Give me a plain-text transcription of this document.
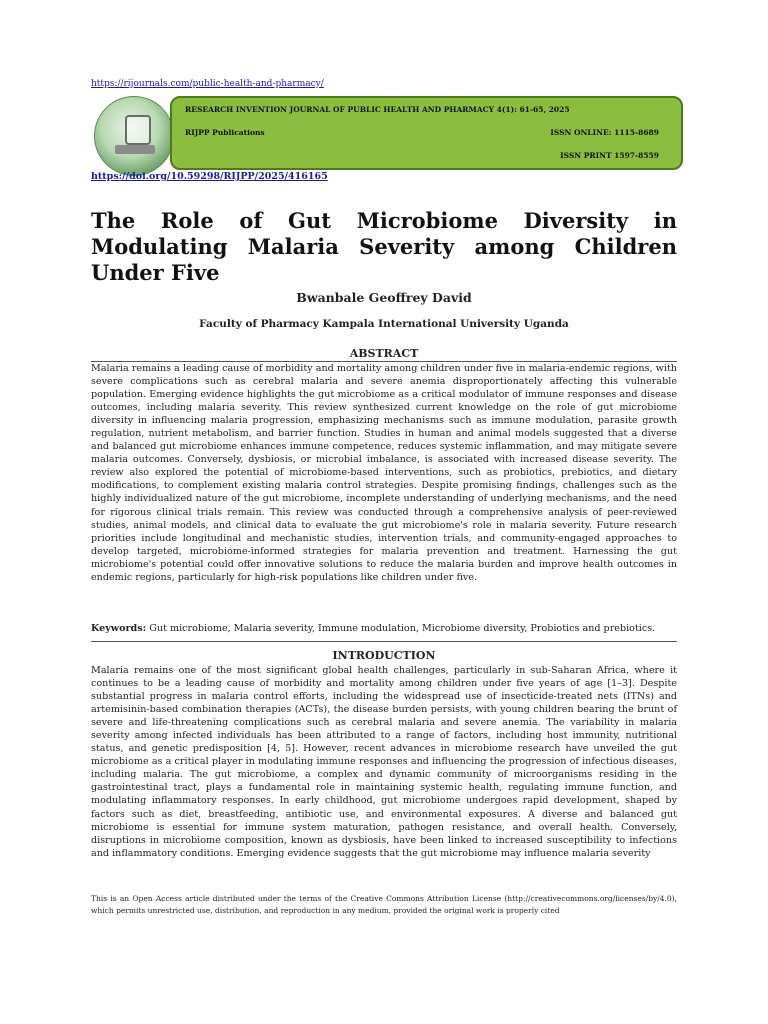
https://rijournals.com/public-health-and-pharmacy/
RESEARCH INVENTION JOURNAL OF PUBLIC HEALTH AND PHARMACY 4(1): 61-65, 2025
RIJPP Publications	ISSN ONLINE: 1115-8689
ISSN PRINT 1597-8559
https://doi.org/10.59298/RIJPP/2025/416165
The Role of Gut Microbiome Diversity in Modulating Malaria Severity among Children Under Five
Bwanbale Geoffrey David
Faculty of Pharmacy Kampala International University Uganda
ABSTRACT

Malaria remains a leading cause of morbidity and mortality among children under five in malaria-endemic regions, with severe complications such as cerebral malaria and severe anemia disproportionately affecting this vulnerable population. Emerging evidence highlights the gut microbiome as a critical modulator of immune responses and disease outcomes, including malaria severity. This review synthesized current knowledge on the role of gut microbiome diversity in influencing malaria progression, emphasizing mechanisms such as immune modulation, parasite growth regulation, nutrient metabolism, and barrier function. Studies in human and animal models suggested that a diverse and balanced gut microbiome enhances immune competence, reduces systemic inflammation, and may mitigate severe malaria outcomes. Conversely, dysbiosis, or microbial imbalance, is associated with increased disease severity. The review also explored the potential of microbiome-based interventions, such as probiotics, prebiotics, and dietary modifications, to complement existing malaria control strategies. Despite promising findings, challenges such as the highly individualized nature of the gut microbiome, incomplete understanding of underlying mechanisms, and the need for rigorous clinical trials remain. This review was conducted through a comprehensive analysis of peer-reviewed studies, animal models, and clinical data to evaluate the gut microbiome's role in malaria severity. Future research priorities include longitudinal and mechanistic studies, intervention trials, and community-engaged approaches to develop targeted, microbiome-informed strategies for malaria prevention and treatment. Harnessing the gut microbiome's potential could offer innovative solutions to reduce the malaria burden and improve health outcomes in endemic regions, particularly for high-risk populations like children under five.

Keywords: Gut microbiome, Malaria severity, Immune modulation, Microbiome diversity, Probiotics and prebiotics.

INTRODUCTION

Malaria remains one of the most significant global health challenges, particularly in sub-Saharan Africa, where it continues to be a leading cause of morbidity and mortality among children under five years of age [1–3]. Despite substantial progress in malaria control efforts, including the widespread use of insecticide-treated nets (ITNs) and artemisinin-based combination therapies (ACTs), the disease burden persists, with young children bearing the brunt of severe and life-threatening complications such as cerebral malaria and severe anemia. The variability in malaria severity among infected individuals has been attributed to a range of factors, including host immunity, nutritional status, and genetic predisposition [4, 5]. However, recent advances in microbiome research have unveiled the gut microbiome as a critical player in modulating immune responses and influencing the progression of infectious diseases, including malaria. The gut microbiome, a complex and dynamic community of microorganisms residing in the gastrointestinal tract, plays a fundamental role in maintaining systemic health, regulating immune function, and modulating inflammatory responses. In early childhood, gut microbiome undergoes rapid development, shaped by factors such as diet, breastfeeding, antibiotic use, and environmental exposures. A diverse and balanced gut microbiome is essential for immune system maturation, pathogen resistance, and overall health. Conversely, disruptions in microbiome composition, known as dysbiosis, have been linked to increased susceptibility to infections and inflammatory conditions. Emerging evidence suggests that the gut microbiome may influence malaria severity

This is an Open Access article distributed under the terms of the Creative Commons Attribution License (http://creativecommons.org/licenses/by/4.0), which permits unrestricted use, distribution, and reproduction in any medium, provided the original work is properly cited
